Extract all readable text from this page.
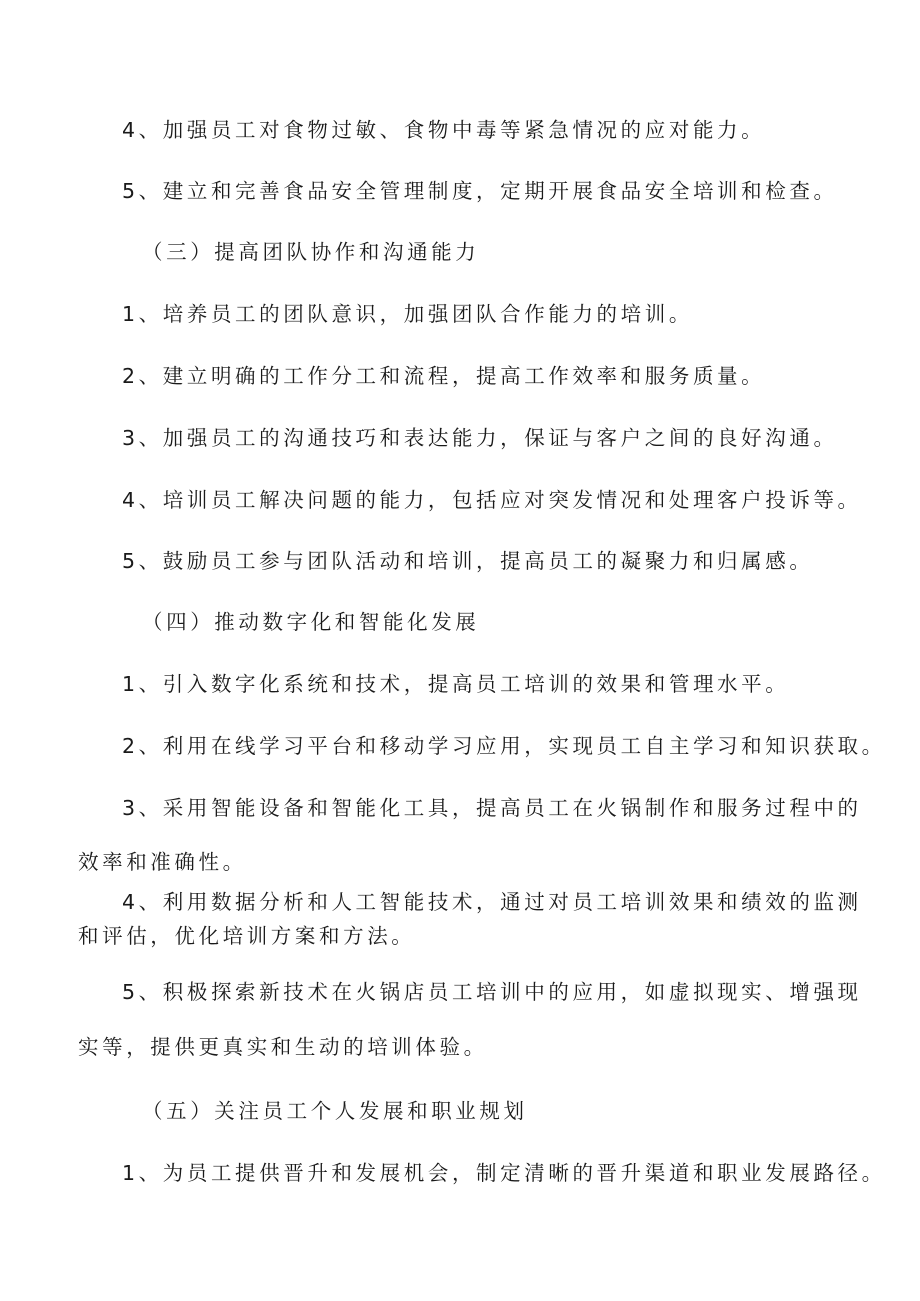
4、加强员工对食物过敏、食物中毒等紧急情况的应对能力。
5、建立和完善食品安全管理制度，定期开展食品安全培训和检查。
（三）提高团队协作和沟通能力
1、培养员工的团队意识，加强团队合作能力的培训。
2、建立明确的工作分工和流程，提高工作效率和服务质量。
3、加强员工的沟通技巧和表达能力，保证与客户之间的良好沟通。
4、培训员工解决问题的能力，包括应对突发情况和处理客户投诉等。
5、鼓励员工参与团队活动和培训，提高员工的凝聚力和归属感。
（四）推动数字化和智能化发展
1、引入数字化系统和技术，提高员工培训的效果和管理水平。
2、利用在线学习平台和移动学习应用，实现员工自主学习和知识获取。
3、采用智能设备和智能化工具，提高员工在火锅制作和服务过程中的
效率和准确性。
4、利用数据分析和人工智能技术，通过对员工培训效果和绩效的监测
和评估，优化培训方案和方法。
5、积极探索新技术在火锅店员工培训中的应用，如虚拟现实、增强现
实等，提供更真实和生动的培训体验。
（五）关注员工个人发展和职业规划
1、为员工提供晋升和发展机会，制定清晰的晋升渠道和职业发展路径。
